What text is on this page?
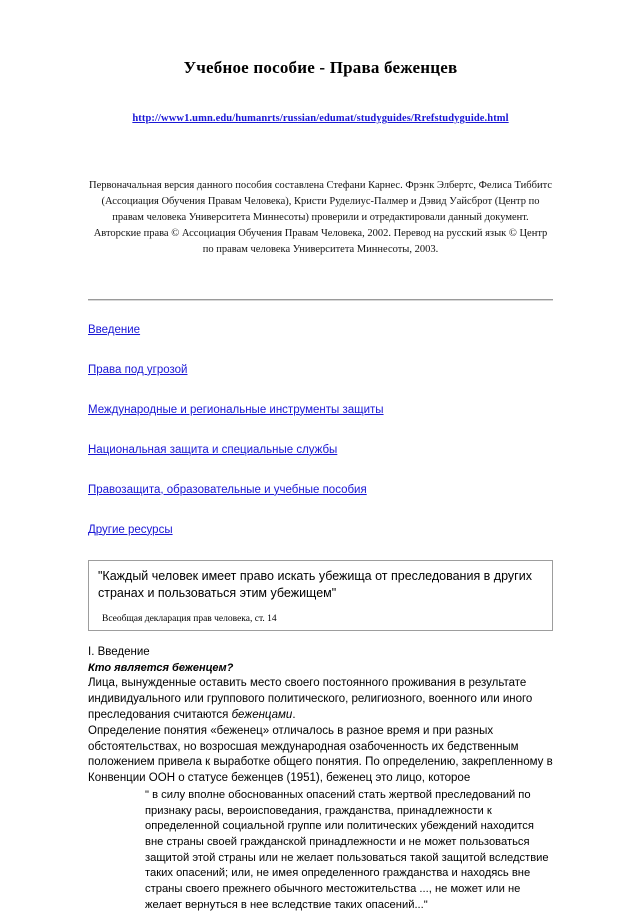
Учебное пособие - Права беженцев
http://www1.umn.edu/humanrts/russian/edumat/studyguides/Rrefstudyguide.html

Первоначальная версия данного пособия составлена Стефани Карнес. Фрэнк Элбертс, Фелиса Тиббитс (Ассоциация Обучения Правам Человека), Кристи Руделиус-Палмер и Дэвид Уайсброт (Центр по правам человека Университета Миннесоты) проверили и отредактировали данный документ. Авторские права © Ассоциация Обучения Правам Человека, 2002. Перевод на русский язык © Центр по правам человека Университета Миннесоты, 2003.

Введение
Права под угрозой
Международные и региональные инструменты защиты
Национальная защита и специальные службы
Правозащита, образовательные и учебные пособия
Другие ресурсы

"Каждый человек имеет право искать убежища от преследования в других странах и пользоваться этим убежищем"

Всеобщая декларация прав человека, ст. 14

I. Введение

Кто является беженцем?

Лица, вынужденные оставить место своего постоянного проживания в результате индивидуального или группового политического, религиозного, военного или иного преследования считаются беженцами.

Определение понятия «беженец» отличалось в разное время и при разных обстоятельствах, но возросшая международная озабоченность их бедственным положением привела к выработке общего понятия. По определению, закрепленному в Конвенции ООН о статусе беженцев (1951), беженец это лицо, которое

" в силу вполне обоснованных опасений стать жертвой преследований по признаку расы, вероисповедания, гражданства, принадлежности к определенной социальной группе или политических убеждений находится вне страны своей гражданской принадлежности и не может пользоваться защитой этой страны или не желает пользоваться такой защитой вследствие таких опасений; или, не имея определенного гражданства и находясь вне страны своего прежнего обычного местожительства ..., не может или не желает вернуться в нее вследствие таких опасений..."
